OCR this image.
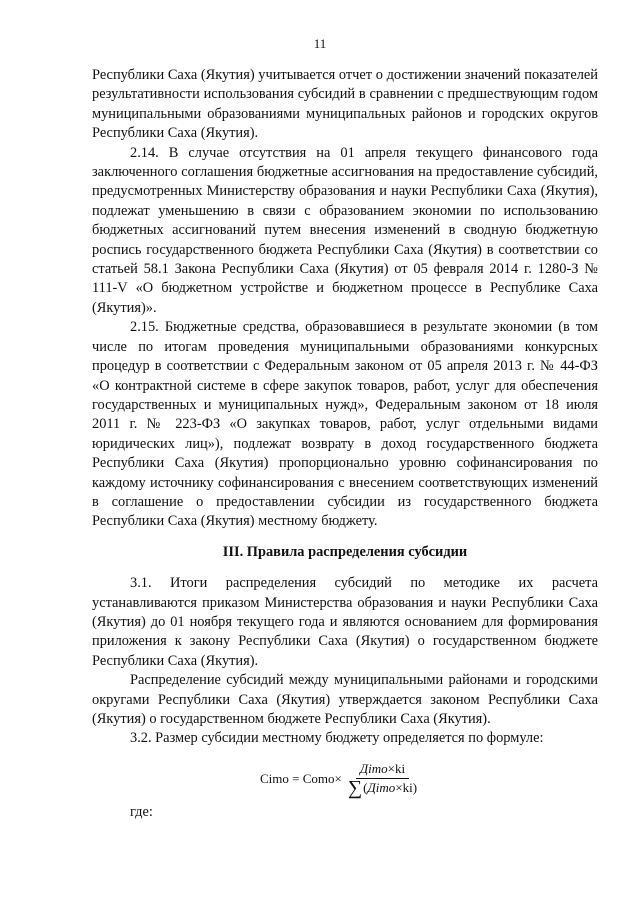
11

Республики Саха (Якутия) учитывается отчет о достижении значений показателей результативности использования субсидий в сравнении с предшествующим годом муниципальными образованиями муниципальных районов и городских округов Республики Саха (Якутия).

2.14. В случае отсутствия на 01 апреля текущего финансового года заключенного соглашения бюджетные ассигнования на предоставление субсидий, предусмотренных Министерству образования и науки Республики Саха (Якутия), подлежат уменьшению в связи с образованием экономии по использованию бюджетных ассигнований путем внесения изменений в сводную бюджетную роспись государственного бюджета Республики Саха (Якутия) в соответствии со статьей 58.1 Закона Республики Саха (Якутия) от 05 февраля 2014 г. 1280-З № 111-V «О бюджетном устройстве и бюджетном процессе в Республике Саха (Якутия)».

2.15. Бюджетные средства, образовавшиеся в результате экономии (в том числе по итогам проведения муниципальными образованиями конкурсных процедур в соответствии с Федеральным законом от 05 апреля 2013 г. № 44-ФЗ «О контрактной системе в сфере закупок товаров, работ, услуг для обеспечения государственных и муниципальных нужд», Федеральным законом от 18 июля 2011 г. № 223-ФЗ «О закупках товаров, работ, услуг отдельными видами юридических лиц»), подлежат возврату в доход государственного бюджета Республики Саха (Якутия) пропорционально уровню софинансирования по каждому источнику софинансирования с внесением соответствующих изменений в соглашение о предоставлении субсидии из государственного бюджета Республики Саха (Якутия) местному бюджету.

III. Правила распределения субсидии

3.1. Итоги распределения субсидий по методике их расчета устанавливаются приказом Министерства образования и науки Республики Саха (Якутия) до 01 ноября текущего года и являются основанием для формирования приложения к закону Республики Саха (Якутия) о государственном бюджете Республики Саха (Якутия).

Распределение субсидий между муниципальными районами и городскими округами Республики Саха (Якутия) утверждается законом Республики Саха (Якутия) о государственном бюджете Республики Саха (Якутия).

3.2. Размер субсидии местному бюджету определяется по формуле:

Сimo = Сomo × $\frac{\text{Дimo×ki}}{\text{∑ ( Дimo × ki )}}$

где:
